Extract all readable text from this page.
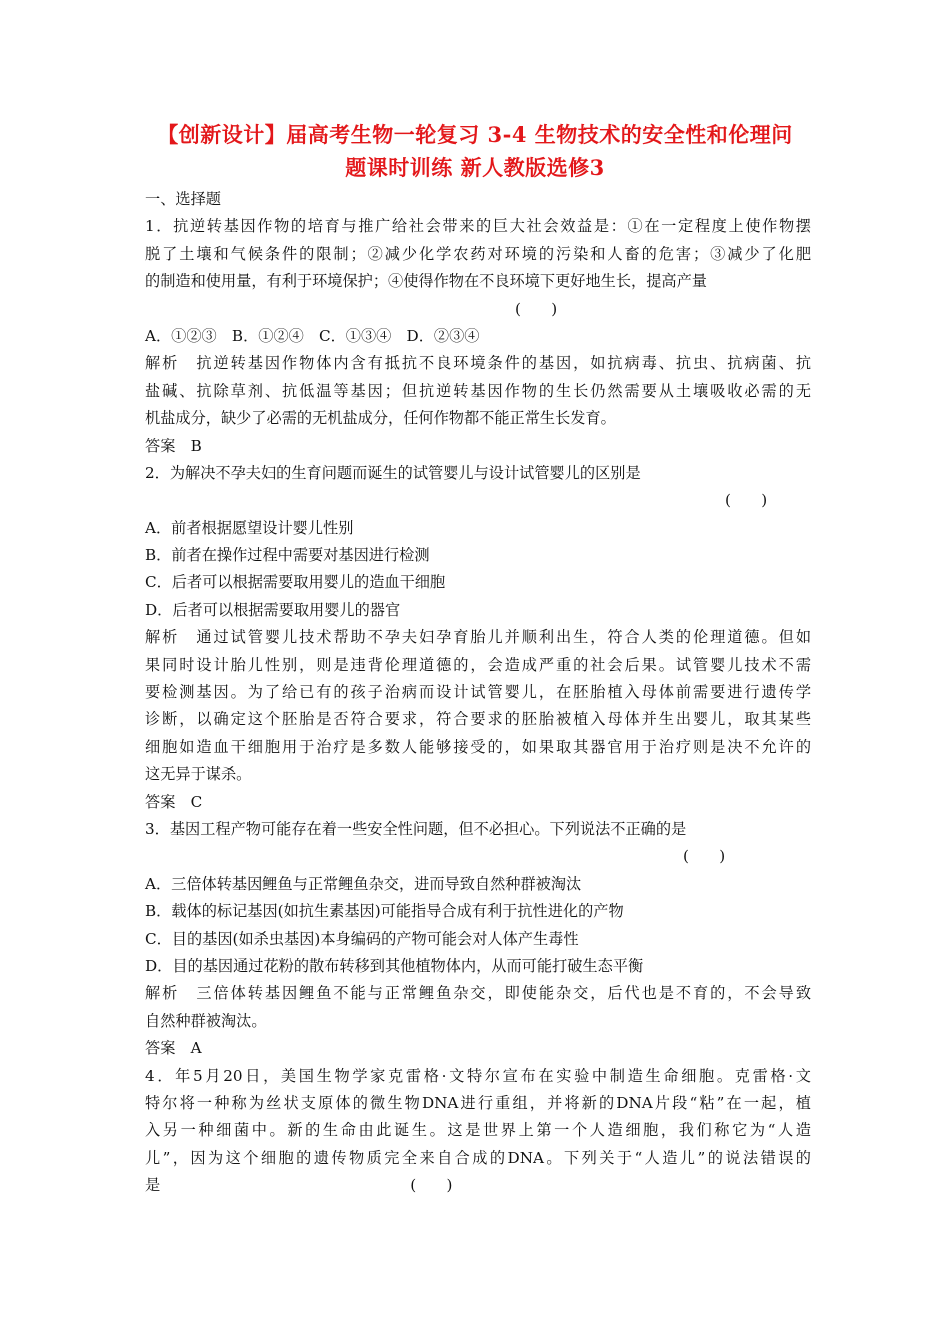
【创新设计】届高考生物一轮复习 3-4 生物技术的安全性和伦理问
题课时训练 新人教版选修3
一、选择题
1．抗逆转基因作物的培育与推广给社会带来的巨大社会效益是：①在一定程度上使作物摆
脱了土壤和气候条件的限制；②减少化学农药对环境的污染和人畜的危害；③减少了化肥
的制造和使用量，有利于环境保护；④使得作物在不良环境下更好地生长，提高产量
(　　)
A．①②③　B．①②④　C．①③④　D．②③④
解析　抗逆转基因作物体内含有抵抗不良环境条件的基因，如抗病毒、抗虫、抗病菌、抗
盐碱、抗除草剂、抗低温等基因；但抗逆转基因作物的生长仍然需要从土壤吸收必需的无
机盐成分，缺少了必需的无机盐成分，任何作物都不能正常生长发育。
答案　B
2．为解决不孕夫妇的生育问题而诞生的试管婴儿与设计试管婴儿的区别是
(　　)
A．前者根据愿望设计婴儿性别
B．前者在操作过程中需要对基因进行检测
C．后者可以根据需要取用婴儿的造血干细胞
D．后者可以根据需要取用婴儿的器官
解析　通过试管婴儿技术帮助不孕夫妇孕育胎儿并顺利出生，符合人类的伦理道德。但如
果同时设计胎儿性别，则是违背伦理道德的，会造成严重的社会后果。试管婴儿技术不需
要检测基因。为了给已有的孩子治病而设计试管婴儿，在胚胎植入母体前需要进行遗传学
诊断，以确定这个胚胎是否符合要求，符合要求的胚胎被植入母体并生出婴儿，取其某些
细胞如造血干细胞用于治疗是多数人能够接受的，如果取其器官用于治疗则是决不允许的
这无异于谋杀。
答案　C
3．基因工程产物可能存在着一些安全性问题，但不必担心。下列说法不正确的是
(　　)
A．三倍体转基因鲤鱼与正常鲤鱼杂交，进而导致自然种群被淘汰
B．载体的标记基因(如抗生素基因)可能指导合成有利于抗性进化的产物
C．目的基因(如杀虫基因)本身编码的产物可能会对人体产生毒性
D．目的基因通过花粉的散布转移到其他植物体内，从而可能打破生态平衡
解析　三倍体转基因鲤鱼不能与正常鲤鱼杂交，即使能杂交，后代也是不育的，不会导致
自然种群被淘汰。
答案　A
4．年5月20日，美国生物学家克雷格·文特尔宣布在实验中制造生命细胞。克雷格·文
特尔将一种称为丝状支原体的微生物DNA进行重组，并将新的DNA片段“粘”在一起，植
入另一种细菌中。新的生命由此诞生。这是世界上第一个人造细胞，我们称它为“人造
儿”，因为这个细胞的遗传物质完全来自合成的DNA。下列关于“人造儿”的说法错误的
是	(　　)
